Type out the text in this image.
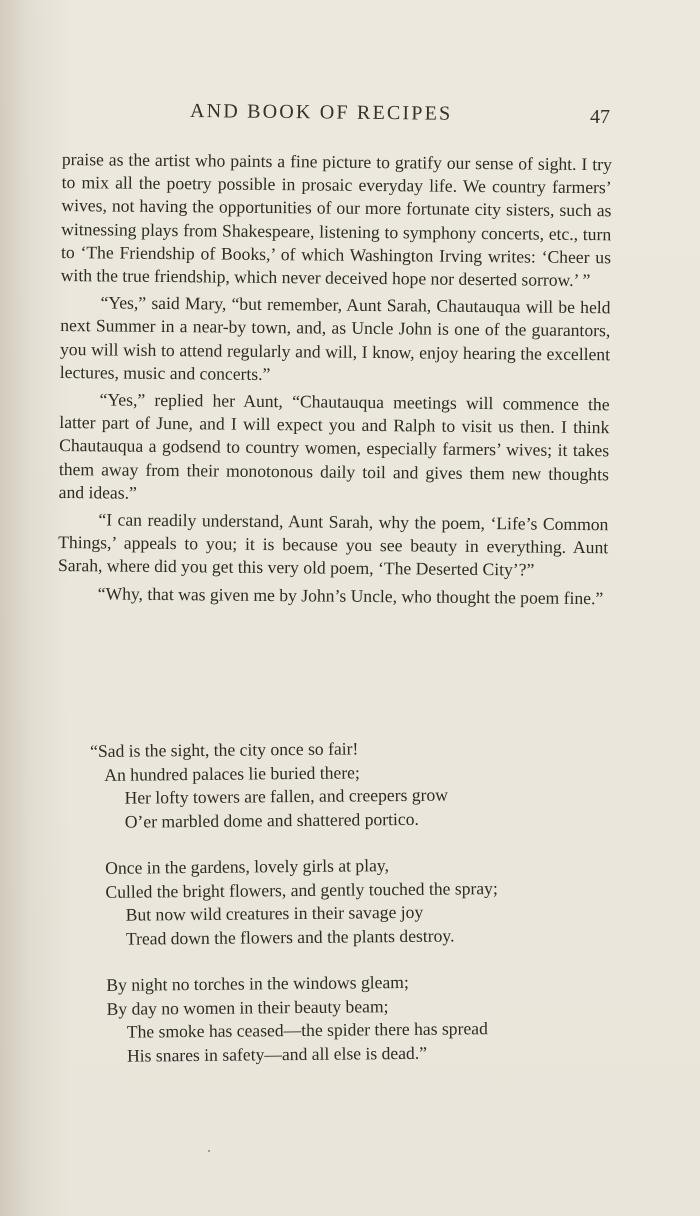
AND BOOK OF RECIPES	47

praise as the artist who paints a fine picture to gratify our sense of sight. I try to mix all the poetry possible in prosaic everyday life. We country farmers’ wives, not having the opportunities of our more fortunate city sisters, such as witnessing plays from Shakespeare, listening to symphony concerts, etc., turn to ‘The Friendship of Books,’ of which Washington Irving writes: ‘Cheer us with the true friendship, which never deceived hope nor deserted sorrow.’ ”

“Yes,” said Mary, “but remember, Aunt Sarah, Chautauqua will be held next Summer in a near-by town, and, as Uncle John is one of the guarantors, you will wish to attend regularly and will, I know, enjoy hearing the excellent lectures, music and concerts.”

“Yes,” replied her Aunt, “Chautauqua meetings will commence the latter part of June, and I will expect you and Ralph to visit us then. I think Chautauqua a godsend to country women, especially farmers’ wives; it takes them away from their monotonous daily toil and gives them new thoughts and ideas.”

“I can readily understand, Aunt Sarah, why the poem, ‘Life’s Common Things,’ appeals to you; it is because you see beauty in everything. Aunt Sarah, where did you get this very old poem, ‘The Deserted City’?”

“Why, that was given me by John’s Uncle, who thought the poem fine.”

“Sad is the sight, the city once so fair!
An hundred palaces lie buried there;
Her lofty towers are fallen, and creepers grow
O’er marbled dome and shattered portico.
Once in the gardens, lovely girls at play,
Culled the bright flowers, and gently touched the spray;
But now wild creatures in their savage joy
Tread down the flowers and the plants destroy.
By night no torches in the windows gleam;
By day no women in their beauty beam;
The smoke has ceased—the spider there has spread
His snares in safety—and all else is dead.”
